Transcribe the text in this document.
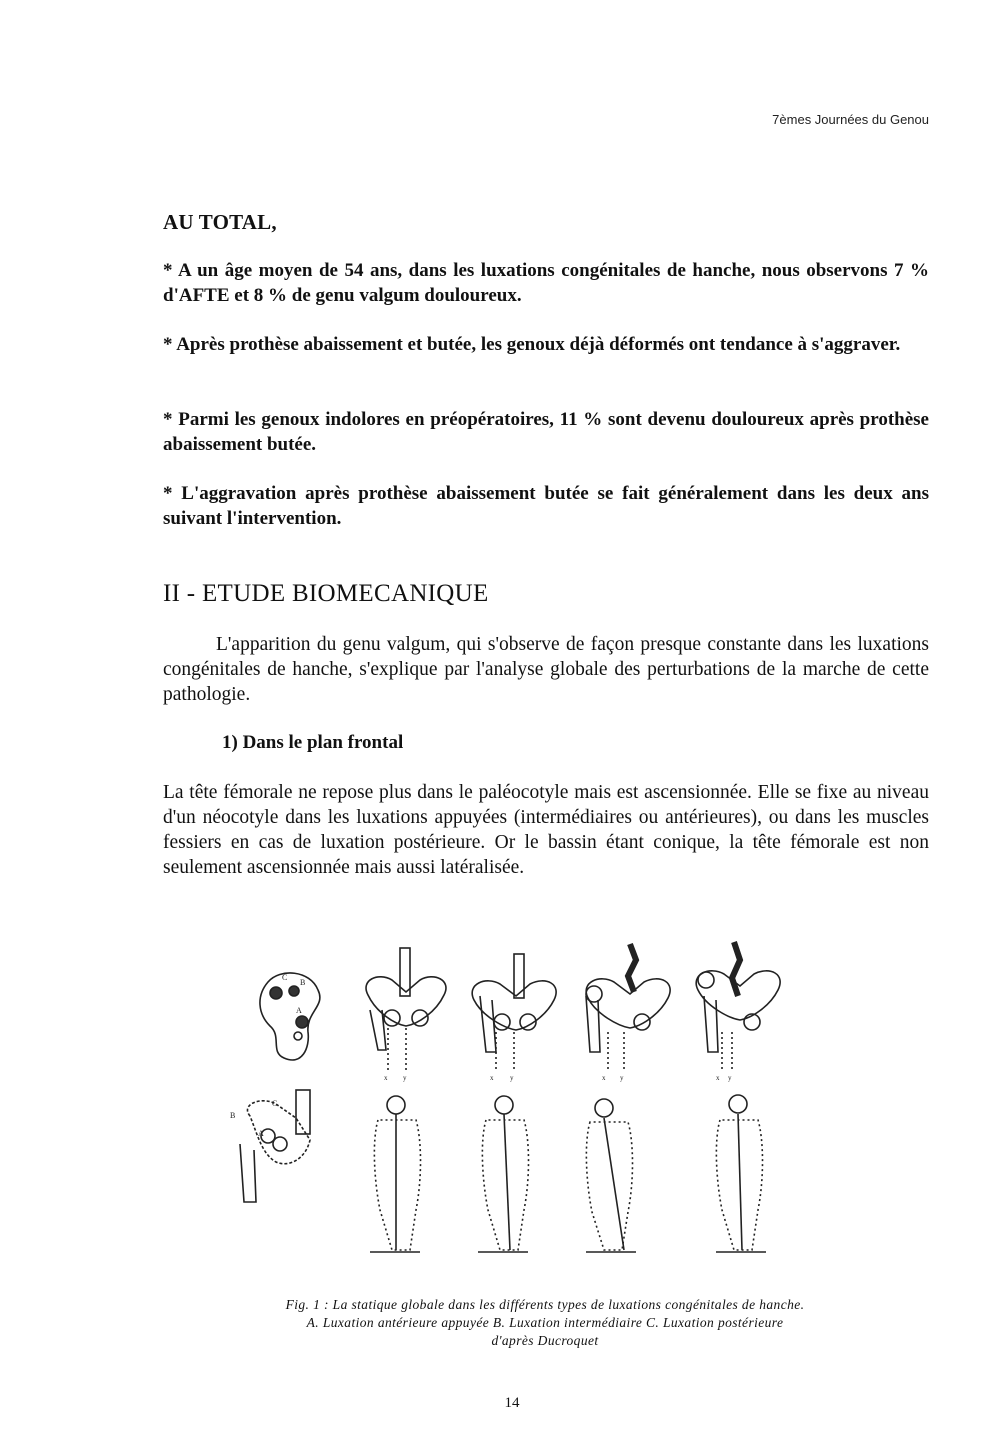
7èmes Journées du Genou
AU TOTAL,
* A un âge moyen de 54 ans, dans les luxations congénitales de hanche, nous observons 7 % d'AFTE et 8 % de genu valgum douloureux.
* Après prothèse abaissement et butée, les genoux déjà déformés ont tendance à s'aggraver.
* Parmi les genoux indolores en préopératoires, 11 % sont devenu douloureux après prothèse abaissement butée.
* L'aggravation après prothèse abaissement butée se fait généralement dans les deux ans suivant l'intervention.
II - ETUDE BIOMECANIQUE
L'apparition du genu valgum, qui s'observe de façon presque constante dans les luxations congénitales de hanche, s'explique par l'analyse globale des perturbations de la marche de cette pathologie.
1) Dans le plan frontal
La tête fémorale ne repose plus dans le paléocotyle mais est ascensionnée. Elle se fixe au niveau d'un néocotyle dans les luxations appuyées (intermédiaires ou antérieures), ou dans les muscles fessiers en cas de luxation postérieure. Or le bassin étant conique, la tête fémorale est non seulement ascensionnée mais aussi latéralisée.
C
B
A
x y	x y	x y	x y
C
B
A
Fig. 1 : La statique globale dans les différents types de luxations congénitales de hanche.
A. Luxation antérieure appuyée B. Luxation intermédiaire C. Luxation postérieure
d'après Ducroquet
14
